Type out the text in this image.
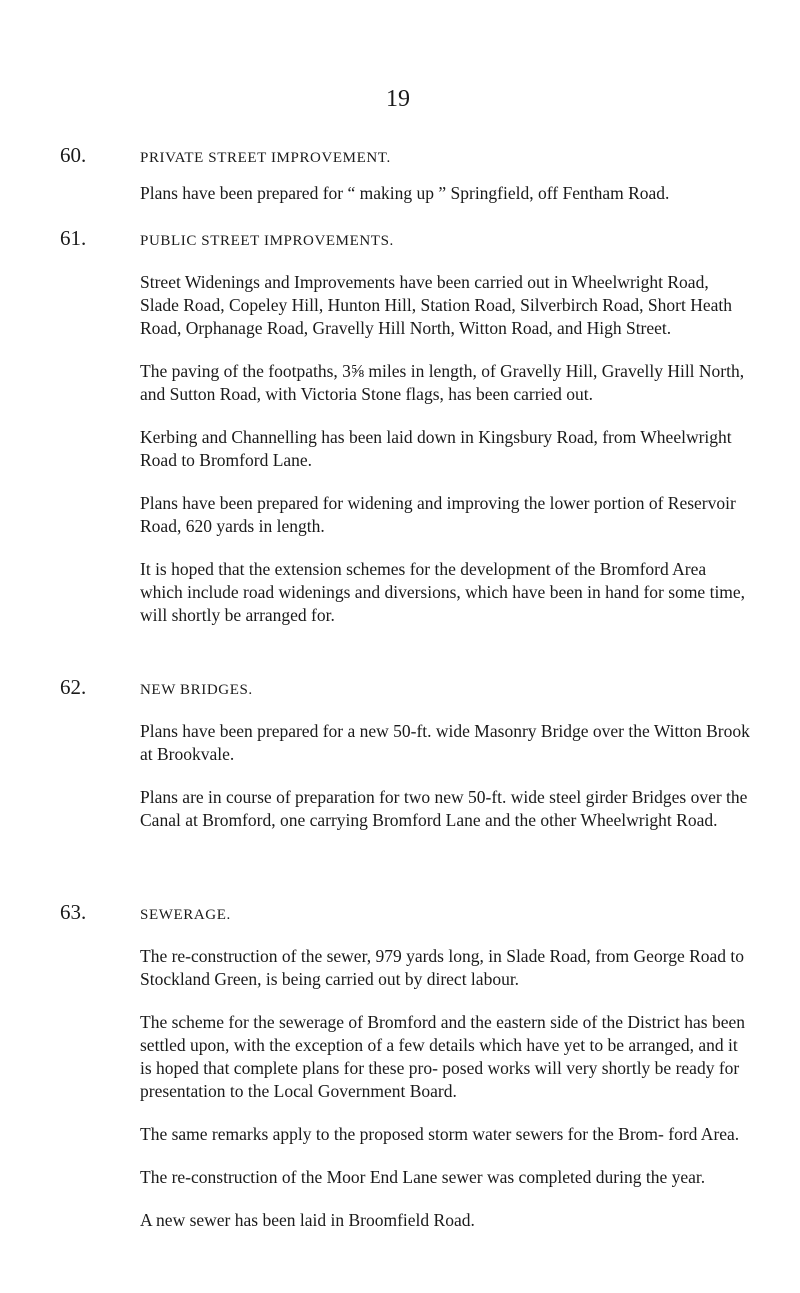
19
60.	PRIVATE STREET IMPROVEMENT.

Plans have been prepared for “ making up ” Springfield, off Fentham Road.

61.	PUBLIC STREET IMPROVEMENTS.

Street Widenings and Improvements have been carried out in Wheelwright Road, Slade Road, Copeley Hill, Hunton Hill, Station Road, Silverbirch Road, Short Heath Road, Orphanage Road, Gravelly Hill North, Witton Road, and High Street.

The paving of the footpaths, 3⅝ miles in length, of Gravelly Hill, Gravelly Hill North, and Sutton Road, with Victoria Stone flags, has been carried out.

Kerbing and Channelling has been laid down in Kingsbury Road, from Wheelwright Road to Bromford Lane.

Plans have been prepared for widening and improving the lower portion of Reservoir Road, 620 yards in length.

It is hoped that the extension schemes for the development of the Bromford Area which include road widenings and diversions, which have been in hand for some time, will shortly be arranged for.

62.	NEW BRIDGES.

Plans have been prepared for a new 50-ft. wide Masonry Bridge over the Witton Brook at Brookvale.

Plans are in course of preparation for two new 50-ft. wide steel girder Bridges over the Canal at Bromford, one carrying Bromford Lane and the other Wheelwright Road.

63.	SEWERAGE.

The re-construction of the sewer, 979 yards long, in Slade Road, from George Road to Stockland Green, is being carried out by direct labour.

The scheme for the sewerage of Bromford and the eastern side of the District has been settled upon, with the exception of a few details which have yet to be arranged, and it is hoped that complete plans for these pro- posed works will very shortly be ready for presentation to the Local Government Board.

The same remarks apply to the proposed storm water sewers for the Brom- ford Area.

The re-construction of the Moor End Lane sewer was completed during the year.

A new sewer has been laid in Broomfield Road.
